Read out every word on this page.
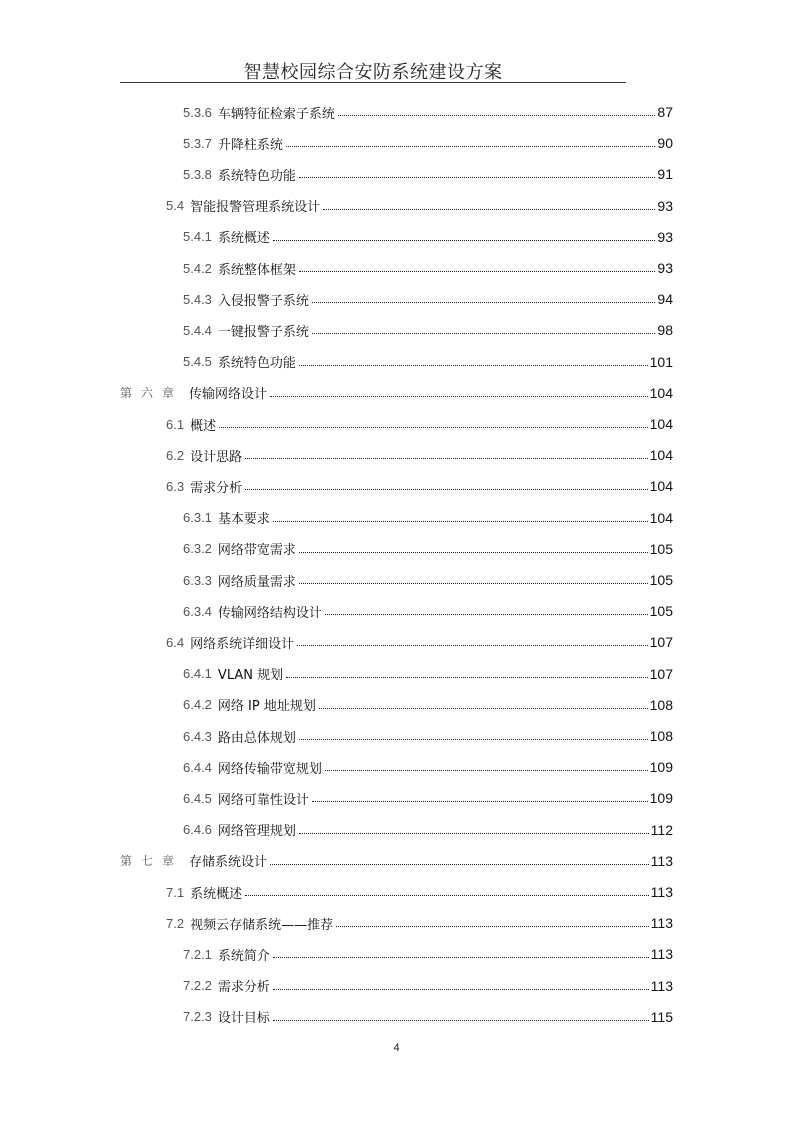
智慧校园综合安防系统建设方案
5.3.6 车辆特征检索子系统	87
5.3.7 升降柱系统	90
5.3.8 系统特色功能	91
5.4 智能报警管理系统设计	93
5.4.1 系统概述	93
5.4.2 系统整体框架	93
5.4.3 入侵报警子系统	94
5.4.4 一键报警子系统	98
5.4.5 系统特色功能	101
第六章 传输网络设计	104
6.1 概述	104
6.2 设计思路	104
6.3 需求分析	104
6.3.1 基本要求	104
6.3.2 网络带宽需求	105
6.3.3 网络质量需求	105
6.3.4 传输网络结构设计	105
6.4 网络系统详细设计	107
6.4.1 VLAN 规划	107
6.4.2 网络 IP 地址规划	108
6.4.3 路由总体规划	108
6.4.4 网络传输带宽规划	109
6.4.5 网络可靠性设计	109
6.4.6 网络管理规划	112
第七章 存储系统设计	113
7.1 系统概述	113
7.2 视频云存储系统——推荐	113
7.2.1 系统简介	113
7.2.2 需求分析	113
7.2.3 设计目标	115
4
